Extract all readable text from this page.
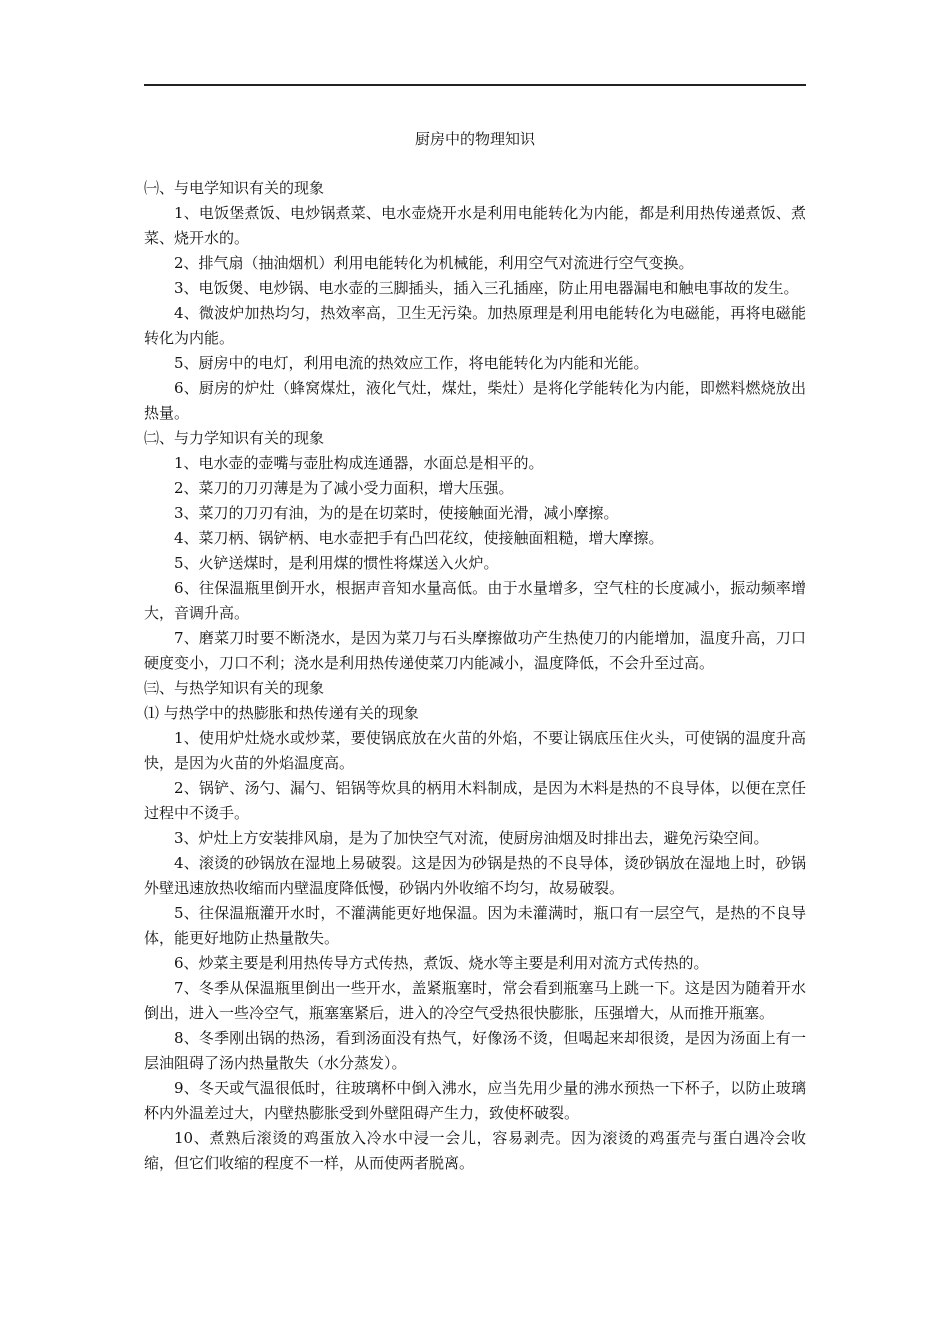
厨房中的物理知识

㈠、与电学知识有关的现象

1、电饭堡煮饭、电炒锅煮菜、电水壶烧开水是利用电能转化为内能，都是利用热传递煮饭、煮菜、烧开水的。

2、排气扇（抽油烟机）利用电能转化为机械能，利用空气对流进行空气变换。

3、电饭煲、电炒锅、电水壶的三脚插头，插入三孔插座，防止用电器漏电和触电事故的发生。

4、微波炉加热均匀，热效率高，卫生无污染。加热原理是利用电能转化为电磁能，再将电磁能转化为内能。

5、厨房中的电灯，利用电流的热效应工作，将电能转化为内能和光能。

6、厨房的炉灶（蜂窝煤灶，液化气灶，煤灶，柴灶）是将化学能转化为内能，即燃料燃烧放出热量。

㈡、与力学知识有关的现象

1、电水壶的壶嘴与壶肚构成连通器，水面总是相平的。

2、菜刀的刀刃薄是为了减小受力面积，增大压强。

3、菜刀的刀刃有油，为的是在切菜时，使接触面光滑，减小摩擦。

4、菜刀柄、锅铲柄、电水壶把手有凸凹花纹，使接触面粗糙，增大摩擦。

5、火铲送煤时，是利用煤的惯性将煤送入火炉。

6、往保温瓶里倒开水，根据声音知水量高低。由于水量增多，空气柱的长度减小，振动频率增大，音调升高。

7、磨菜刀时要不断浇水，是因为菜刀与石头摩擦做功产生热使刀的内能增加，温度升高，刀口硬度变小，刀口不利；浇水是利用热传递使菜刀内能减小，温度降低，不会升至过高。

㈢、与热学知识有关的现象

⑴ 与热学中的热膨胀和热传递有关的现象

1、使用炉灶烧水或炒菜，要使锅底放在火苗的外焰，不要让锅底压住火头，可使锅的温度升高快，是因为火苗的外焰温度高。

2、锅铲、汤勺、漏勺、铝锅等炊具的柄用木料制成，是因为木料是热的不良导体，以便在烹任过程中不烫手。

3、炉灶上方安装排风扇，是为了加快空气对流，使厨房油烟及时排出去，避免污染空间。

4、滚烫的砂锅放在湿地上易破裂。这是因为砂锅是热的不良导体，烫砂锅放在湿地上时，砂锅外壁迅速放热收缩而内壁温度降低慢，砂锅内外收缩不均匀，故易破裂。

5、往保温瓶灌开水时，不灌满能更好地保温。因为未灌满时，瓶口有一层空气，是热的不良导体，能更好地防止热量散失。

6、炒菜主要是利用热传导方式传热，煮饭、烧水等主要是利用对流方式传热的。

7、冬季从保温瓶里倒出一些开水，盖紧瓶塞时，常会看到瓶塞马上跳一下。这是因为随着开水倒出，进入一些冷空气，瓶塞塞紧后，进入的冷空气受热很快膨胀，压强增大，从而推开瓶塞。

8、冬季刚出锅的热汤，看到汤面没有热气，好像汤不烫，但喝起来却很烫，是因为汤面上有一层油阻碍了汤内热量散失（水分蒸发）。

9、冬天或气温很低时，往玻璃杯中倒入沸水，应当先用少量的沸水预热一下杯子，以防止玻璃杯内外温差过大，内壁热膨胀受到外壁阻碍产生力，致使杯破裂。

10、煮熟后滚烫的鸡蛋放入冷水中浸一会儿，容易剥壳。因为滚烫的鸡蛋壳与蛋白遇冷会收缩，但它们收缩的程度不一样，从而使两者脱离。
